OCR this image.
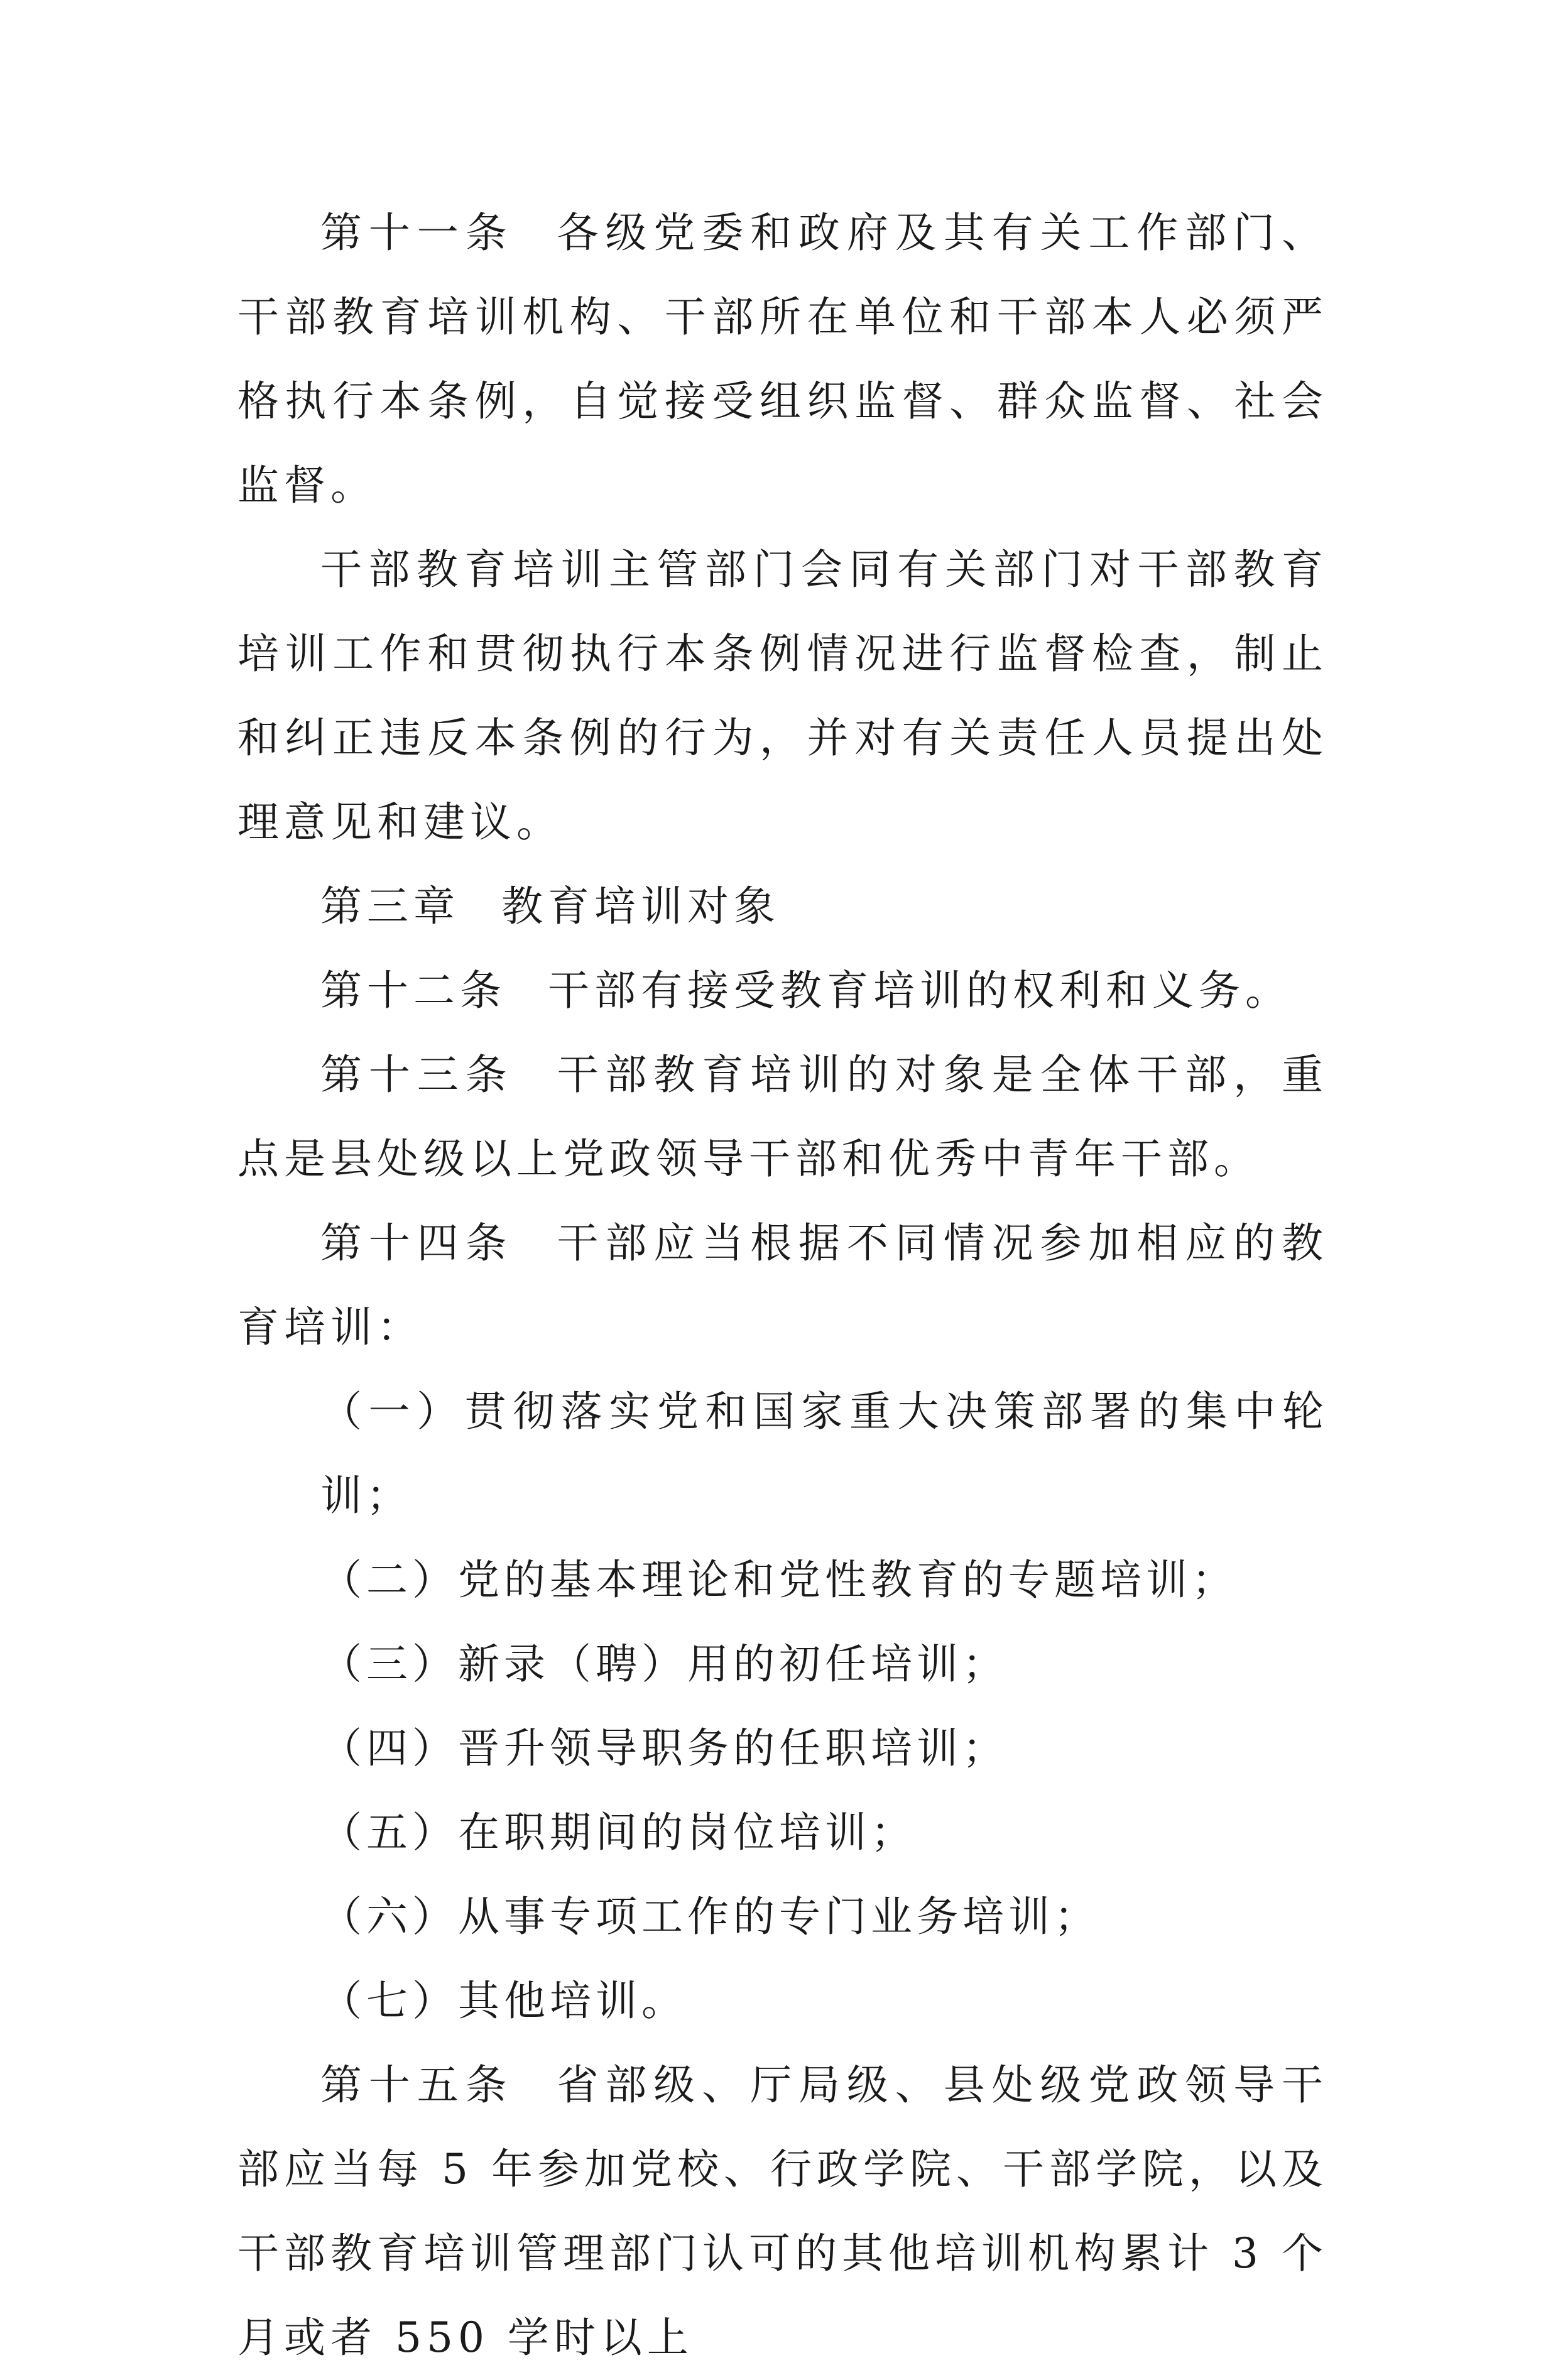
第十一条 各级党委和政府及其有关工作部门、干部教育培训机构、干部所在单位和干部本人必须严格执行本条例，自觉接受组织监督、群众监督、社会监督。

干部教育培训主管部门会同有关部门对干部教育培训工作和贯彻执行本条例情况进行监督检查，制止和纠正违反本条例的行为，并对有关责任人员提出处理意见和建议。

第三章 教育培训对象

第十二条 干部有接受教育培训的权利和义务。

第十三条 干部教育培训的对象是全体干部，重点是县处级以上党政领导干部和优秀中青年干部。

第十四条 干部应当根据不同情况参加相应的教育培训：

（一）贯彻落实党和国家重大决策部署的集中轮训；

（二）党的基本理论和党性教育的专题培训；

（三）新录（聘）用的初任培训；

（四）晋升领导职务的任职培训；

（五）在职期间的岗位培训；

（六）从事专项工作的专门业务培训；

（七）其他培训。

第十五条 省部级、厅局级、县处级党政领导干部应当每 5 年参加党校、行政学院、干部学院，以及干部教育培训管理部门认可的其他培训机构累计 3 个月或者 550 学时以上
